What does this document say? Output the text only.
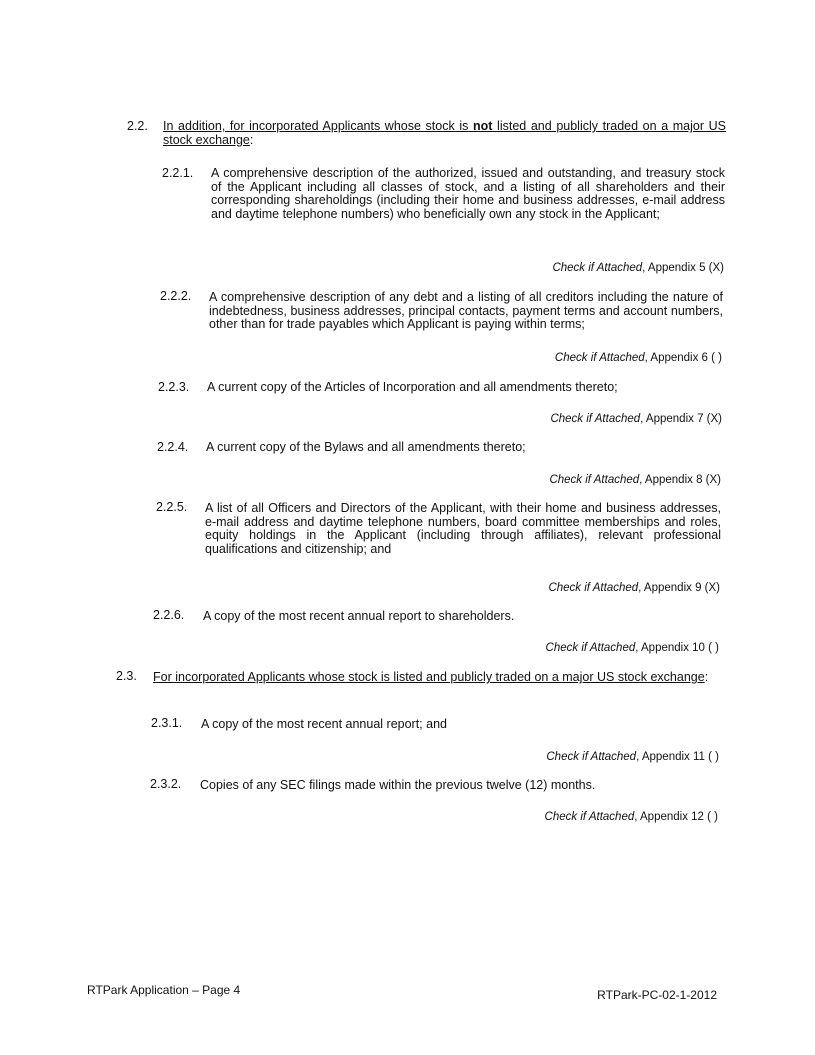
2.2. In addition, for incorporated Applicants whose stock is not listed and publicly traded on a major US stock exchange:
2.2.1. A comprehensive description of the authorized, issued and outstanding, and treasury stock of the Applicant including all classes of stock, and a listing of all shareholders and their corresponding shareholdings (including their home and business addresses, e-mail address and daytime telephone numbers) who beneficially own any stock in the Applicant;
Check if Attached, Appendix 5 (X)
2.2.2. A comprehensive description of any debt and a listing of all creditors including the nature of indebtedness, business addresses, principal contacts, payment terms and account numbers, other than for trade payables which Applicant is paying within terms;
Check if Attached, Appendix 6 ( )
2.2.3. A current copy of the Articles of Incorporation and all amendments thereto;
Check if Attached, Appendix 7 (X)
2.2.4. A current copy of the Bylaws and all amendments thereto;
Check if Attached, Appendix 8 (X)
2.2.5. A list of all Officers and Directors of the Applicant, with their home and business addresses, e-mail address and daytime telephone numbers, board committee memberships and roles, equity holdings in the Applicant (including through affiliates), relevant professional qualifications and citizenship; and
Check if Attached, Appendix 9 (X)
2.2.6. A copy of the most recent annual report to shareholders.
Check if Attached, Appendix 10 ( )
2.3. For incorporated Applicants whose stock is listed and publicly traded on a major US stock exchange:
2.3.1. A copy of the most recent annual report; and
Check if Attached, Appendix 11 ( )
2.3.2. Copies of any SEC filings made within the previous twelve (12) months.
Check if Attached, Appendix 12 ( )
RTPark Application – Page 4	RTPark-PC-02-1-2012
